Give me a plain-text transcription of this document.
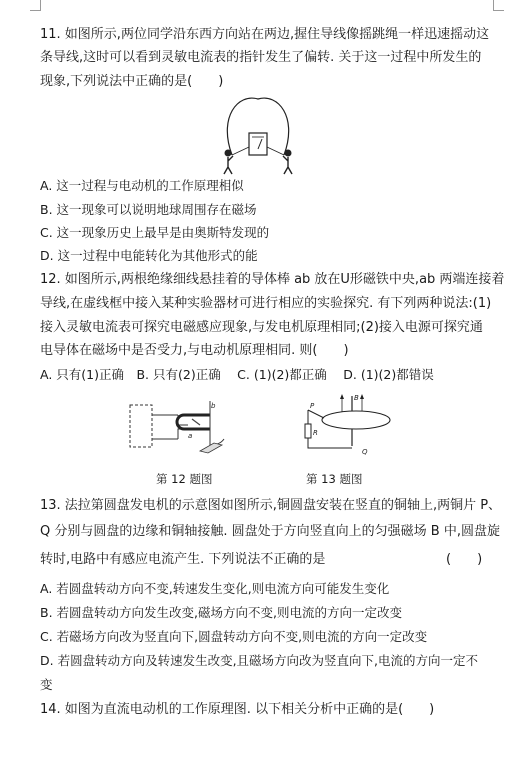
11. 如图所示,两位同学沿东西方向站在两边,握住导线像摇跳绳一样迅速摇动这
条导线,这时可以看到灵敏电流表的指针发生了偏转. 关于这一过程中所发生的
现象,下列说法中正确的是(　　)
A. 这一过程与电动机的工作原理相似
B. 这一现象可以说明地球周围存在磁场
C. 这一现象历史上最早是由奥斯特发现的
D. 这一过程中电能转化为其他形式的能
12. 如图所示,两根绝缘细线悬挂着的导体棒 ab 放在U形磁铁中央,ab 两端连接着
导线,在虚线框中接入某种实验器材可进行相应的实验探究. 有下列两种说法:(1)
接入灵敏电流表可探究电磁感应现象,与发电机原理相同;(2)接入电源可探究通
电导体在磁场中是否受力,与电动机原理相同. 则(　　)
A. 只有(1)正确　B. 只有(2)正确　 C. (1)(2)都正确　 D. (1)(2)都错误
b
a
第 12 题图
B
P
R
Q
第 13 题图
13. 法拉第圆盘发电机的示意图如图所示,铜圆盘安装在竖直的铜轴上,两铜片 P、
Q 分别与圆盘的边缘和铜轴接触. 圆盘处于方向竖直向上的匀强磁场 B 中,圆盘旋
转时,电路中有感应电流产生. 下列说法不正确的是	(　　)
A. 若圆盘转动方向不变,转速发生变化,则电流方向可能发生变化
B. 若圆盘转动方向发生改变,磁场方向不变,则电流的方向一定改变
C. 若磁场方向改为竖直向下,圆盘转动方向不变,则电流的方向一定改变
D. 若圆盘转动方向及转速发生改变,且磁场方向改为竖直向下,电流的方向一定不
变
14. 如图为直流电动机的工作原理图. 以下相关分析中正确的是(　　)
